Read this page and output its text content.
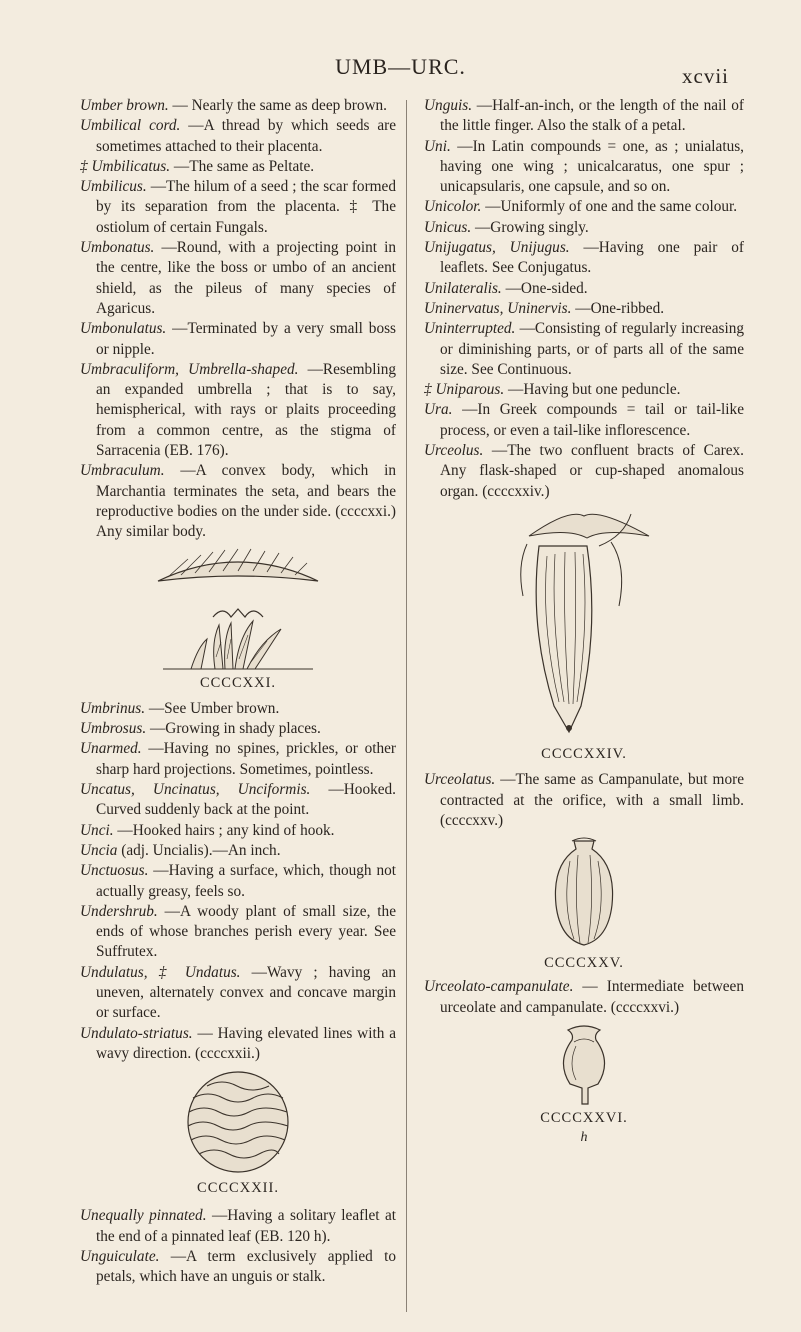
UMB—URC.	xcvii

Umber brown. — Nearly the same as deep brown.

Umbilical cord. —A thread by which seeds are sometimes attached to their placenta.

‡ Umbilicatus. —The same as Peltate.

Umbilicus. —The hilum of a seed ; the scar formed by its separation from the placenta. ‡ The ostiolum of certain Fungals.

Umbonatus. —Round, with a projecting point in the centre, like the boss or umbo of an ancient shield, as the pileus of many species of Agaricus.

Umbonulatus. —Terminated by a very small boss or nipple.

Umbraculiform, Umbrella-shaped. —Resembling an expanded umbrella ; that is to say, hemispherical, with rays or plaits proceeding from a common centre, as the stigma of Sarracenia (EB. 176).

Umbraculum. —A convex body, which in Marchantia terminates the seta, and bears the reproductive bodies on the under side. (ccccxxi.) Any similar body.

CCCCXXI.

Umbrinus. —See Umber brown.

Umbrosus. —Growing in shady places.

Unarmed. —Having no spines, prickles, or other sharp hard projections. Sometimes, pointless.

Uncatus, Uncinatus, Unciformis. —Hooked. Curved suddenly back at the point.

Unci. —Hooked hairs ; any kind of hook.

Uncia (adj. Uncialis).—An inch.

Unctuosus. —Having a surface, which, though not actually greasy, feels so.

Undershrub. —A woody plant of small size, the ends of whose branches perish every year. See Suffrutex.

Undulatus, ‡ Undatus. —Wavy ; having an uneven, alternately convex and concave margin or surface.

Undulato-striatus. — Having elevated lines with a wavy direction. (ccccxxii.)

CCCCXXII.

Unequally pinnated. —Having a solitary leaflet at the end of a pinnated leaf (EB. 120 h).

Unguiculate. —A term exclusively applied to petals, which have an unguis or stalk.

Unguis. —Half-an-inch, or the length of the nail of the little finger. Also the stalk of a petal.

Uni. —In Latin compounds = one, as ; unialatus, having one wing ; unicalcaratus, one spur ; unicapsularis, one capsule, and so on.

Unicolor. —Uniformly of one and the same colour.

Unicus. —Growing singly.

Unijugatus, Unijugus. —Having one pair of leaflets. See Conjugatus.

Unilateralis. —One-sided.

Uninervatus, Uninervis. —One-ribbed.

Uninterrupted. —Consisting of regularly increasing or diminishing parts, or of parts all of the same size. See Continuous.

‡ Uniparous. —Having but one peduncle.

Ura. —In Greek compounds = tail or tail-like process, or even a tail-like inflorescence.

Urceolus. —The two confluent bracts of Carex. Any flask-shaped or cup-shaped anomalous organ. (ccccxxiv.)

CCCCXXIV.

Urceolatus. —The same as Campanulate, but more contracted at the orifice, with a small limb. (ccccxxv.)

CCCCXXV.

Urceolato-campanulate. — Intermediate between urceolate and campanulate. (ccccxxvi.)

CCCCXXVI.
h
